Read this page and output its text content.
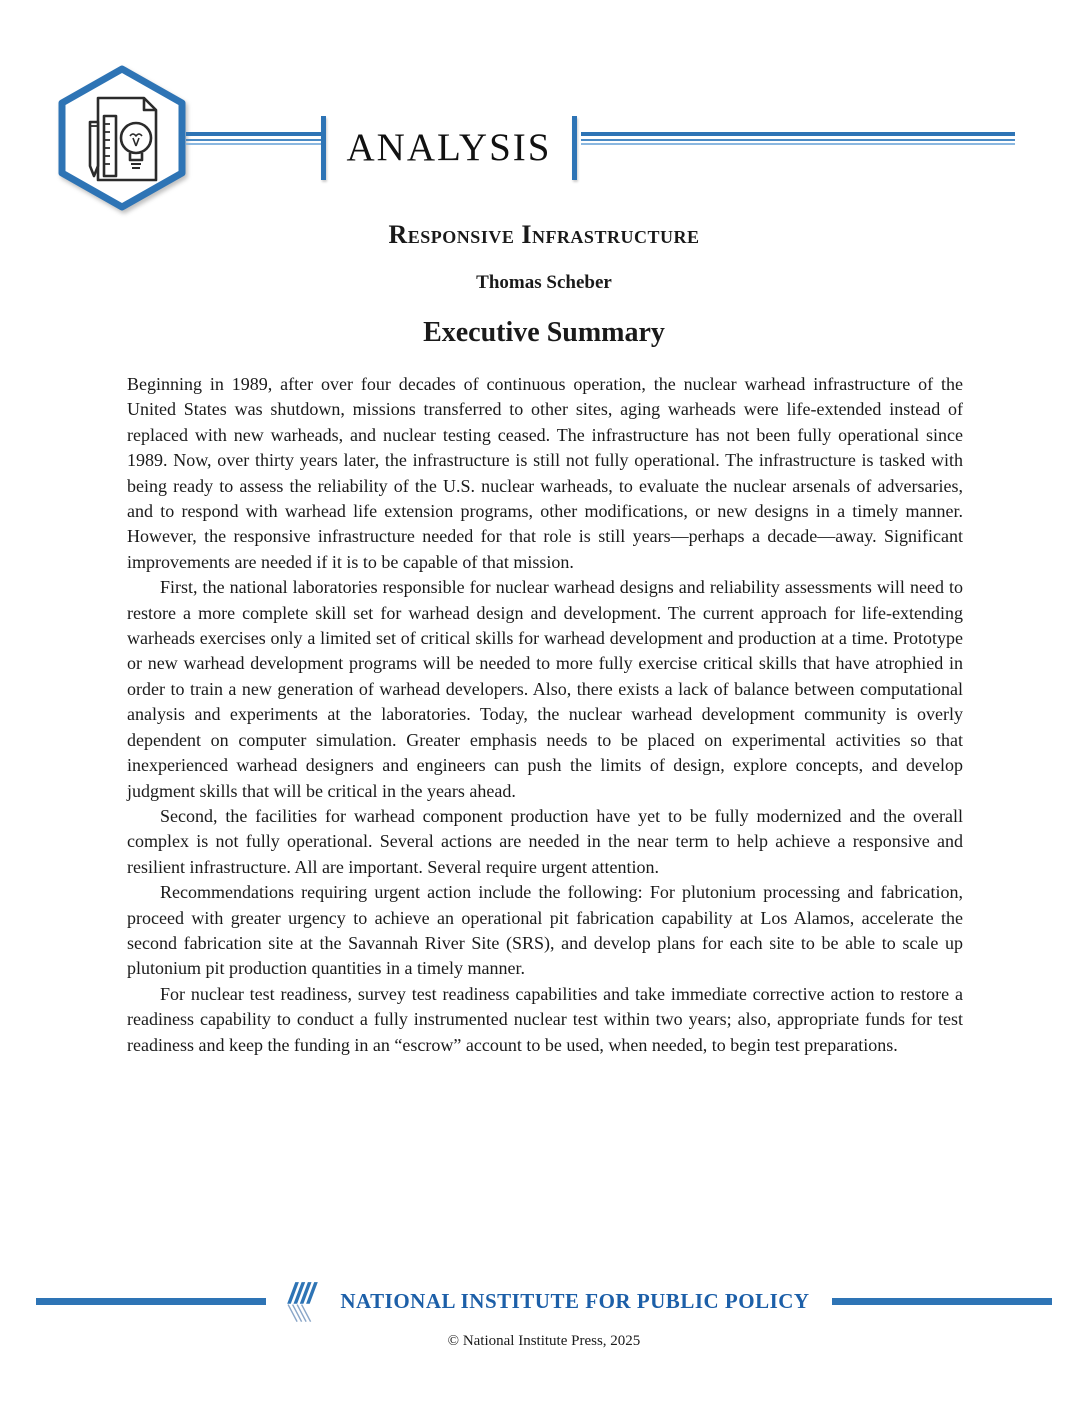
ANALYSIS
Responsive Infrastructure
Thomas Scheber
Executive Summary

Beginning in 1989, after over four decades of continuous operation, the nuclear warhead infrastructure of the United States was shutdown, missions transferred to other sites, aging warheads were life-extended instead of replaced with new warheads, and nuclear testing ceased. The infrastructure has not been fully operational since 1989. Now, over thirty years later, the infrastructure is still not fully operational. The infrastructure is tasked with being ready to assess the reliability of the U.S. nuclear warheads, to evaluate the nuclear arsenals of adversaries, and to respond with warhead life extension programs, other modifications, or new designs in a timely manner. However, the responsive infrastructure needed for that role is still years—perhaps a decade—away. Significant improvements are needed if it is to be capable of that mission.

First, the national laboratories responsible for nuclear warhead designs and reliability assessments will need to restore a more complete skill set for warhead design and development. The current approach for life-extending warheads exercises only a limited set of critical skills for warhead development and production at a time. Prototype or new warhead development programs will be needed to more fully exercise critical skills that have atrophied in order to train a new generation of warhead developers. Also, there exists a lack of balance between computational analysis and experiments at the laboratories. Today, the nuclear warhead development community is overly dependent on computer simulation. Greater emphasis needs to be placed on experimental activities so that inexperienced warhead designers and engineers can push the limits of design, explore concepts, and develop judgment skills that will be critical in the years ahead.

Second, the facilities for warhead component production have yet to be fully modernized and the overall complex is not fully operational. Several actions are needed in the near term to help achieve a responsive and resilient infrastructure. All are important. Several require urgent attention.

Recommendations requiring urgent action include the following: For plutonium processing and fabrication, proceed with greater urgency to achieve an operational pit fabrication capability at Los Alamos, accelerate the second fabrication site at the Savannah River Site (SRS), and develop plans for each site to be able to scale up plutonium pit production quantities in a timely manner.

For nuclear test readiness, survey test readiness capabilities and take immediate corrective action to restore a readiness capability to conduct a fully instrumented nuclear test within two years; also, appropriate funds for test readiness and keep the funding in an “escrow” account to be used, when needed, to begin test preparations.

NATIONAL INSTITUTE FOR PUBLIC POLICY
© National Institute Press, 2025
